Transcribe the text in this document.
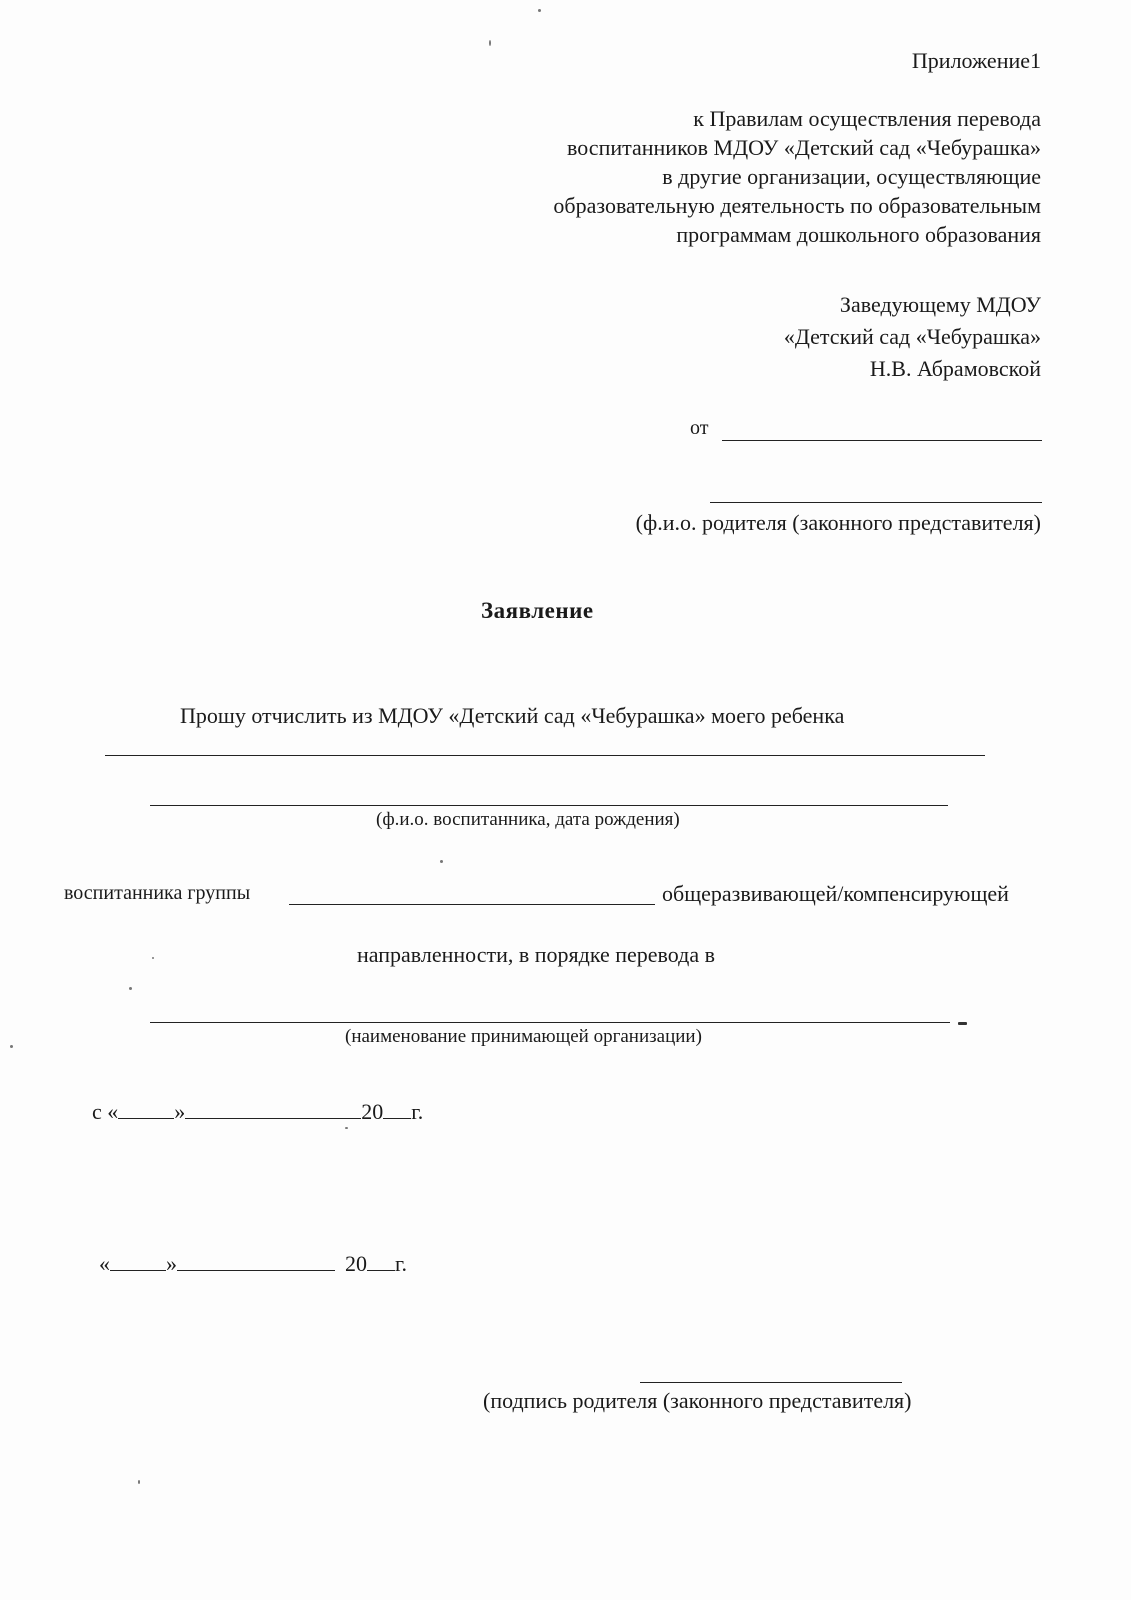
Приложение1
к Правилам осуществления перевода
воспитанников МДОУ «Детский сад «Чебурашка»
в другие организации, осуществляющие
образовательную деятельность по образовательным
программам дошкольного образования
Заведующему МДОУ
«Детский сад «Чебурашка»
Н.В. Абрамовской
от
(ф.и.о. родителя (законного представителя)
Заявление
Прошу отчислить из МДОУ «Детский сад «Чебурашка» моего ребенка
(ф.и.о. воспитанника, дата рождения)
воспитанника группы	общеразвивающей/компенсирующей
направленности, в порядке перевода в
(наименование принимающей организации)
с «	»	20 г.
«	»	20 г.
(подпись родителя (законного представителя)
